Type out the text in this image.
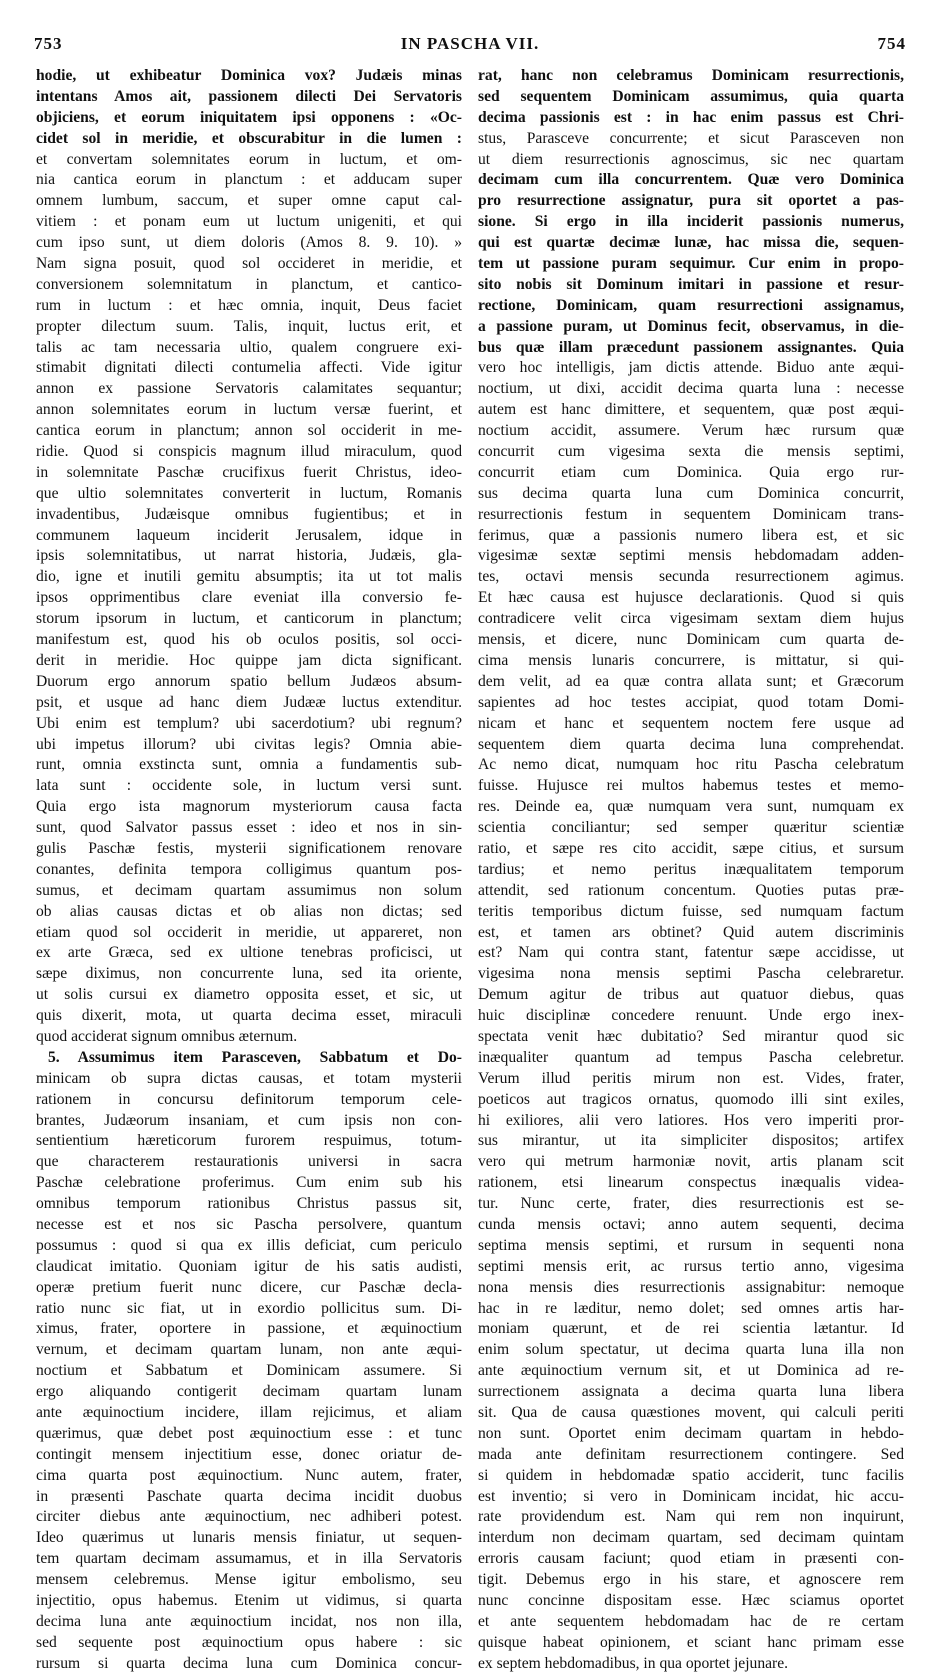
753	IN PASCHA VII.	754
hodie, ut exhibeatur Dominica vox? Judæis minas
intentans Amos ait, passionem dilecti Dei Servatoris
objiciens, et eorum iniquitatem ipsi opponens : «Oc-
cidet sol in meridie, et obscurabitur in die lumen :
et convertam solemnitates eorum in luctum, et om-
nia cantica eorum in planctum : et adducam super
omnem lumbum, saccum, et super omne caput cal-
vitiem : et ponam eum ut luctum unigeniti, et qui
cum ipso sunt, ut diem doloris (Amos 8. 9. 10). »
Nam signa posuit, quod sol occideret in meridie, et
conversionem solemnitatum in planctum, et cantico-
rum in luctum : et hæc omnia, inquit, Deus faciet
propter dilectum suum. Talis, inquit, luctus erit, et
talis ac tam necessaria ultio, qualem congruere exi-
stimabit dignitati dilecti contumelia affecti. Vide igitur
annon ex passione Servatoris calamitates sequantur;
annon solemnitates eorum in luctum versæ fuerint, et
cantica eorum in planctum; annon sol occiderit in me-
ridie. Quod si conspicis magnum illud miraculum, quod
in solemnitate Paschæ crucifixus fuerit Christus, ideo-
que ultio solemnitates converterit in luctum, Romanis
invadentibus, Judæisque omnibus fugientibus; et in
communem laqueum inciderit Jerusalem, idque in
ipsis solemnitatibus, ut narrat historia, Judæis, gla-
dio, igne et inutili gemitu absumptis; ita ut tot malis
ipsos opprimentibus clare eveniat illa conversio fe-
storum ipsorum in luctum, et canticorum in planctum;
manifestum est, quod his ob oculos positis, sol occi-
derit in meridie. Hoc quippe jam dicta significant.
Duorum ergo annorum spatio bellum Judæos absum-
psit, et usque ad hanc diem Judææ luctus extenditur.
Ubi enim est templum? ubi sacerdotium? ubi regnum?
ubi impetus illorum? ubi civitas legis? Omnia abie-
runt, omnia exstincta sunt, omnia a fundamentis sub-
lata sunt : occidente sole, in luctum versi sunt.
Quia ergo ista magnorum mysteriorum causa facta
sunt, quod Salvator passus esset : ideo et nos in sin-
gulis Paschæ festis, mysterii significationem renovare
conantes, definita tempora colligimus quantum pos-
sumus, et decimam quartam assumimus non solum
ob alias causas dictas et ob alias non dictas; sed
etiam quod sol occiderit in meridie, ut appareret, non
ex arte Græca, sed ex ultione tenebras proficisci, ut
sæpe diximus, non concurrente luna, sed ita oriente,
ut solis cursui ex diametro opposita esset, et sic, ut
quis dixerit, mota, ut quarta decima esset, miraculi
quod acciderat signum omnibus æternum.
5. Assumimus item Parasceven, Sabbatum et Do-
minicam ob supra dictas causas, et totam mysterii
rationem in concursu definitorum temporum cele-
brantes, Judæorum insaniam, et cum ipsis non con-
sentientium hæreticorum furorem respuimus, totum-
que characterem restaurationis universi in sacra
Paschæ celebratione proferimus. Cum enim sub his
omnibus temporum rationibus Christus passus sit,
necesse est et nos sic Pascha persolvere, quantum
possumus : quod si qua ex illis deficiat, cum periculo
claudicat imitatio. Quoniam igitur de his satis audisti,
operæ pretium fuerit nunc dicere, cur Paschæ decla-
ratio nunc sic fiat, ut in exordio pollicitus sum. Di-
ximus, frater, oportere in passione, et æquinoctium
vernum, et decimam quartam lunam, non ante æqui-
noctium et Sabbatum et Dominicam assumere. Si
ergo aliquando contigerit decimam quartam lunam
ante æquinoctium incidere, illam rejicimus, et aliam
quærimus, quæ debet post æquinoctium esse : et tunc
contingit mensem injectitium esse, donec oriatur de-
cima quarta post æquinoctium. Nunc autem, frater,
in præsenti Paschate quarta decima incidit duobus
circiter diebus ante æquinoctium, nec adhiberi potest.
Ideo quærimus ut lunaris mensis finiatur, ut sequen-
tem quartam decimam assumamus, et in illa Servatoris
mensem celebremus. Mense igitur embolismo, seu
injectitio, opus habemus. Etenim ut vidimus, si quarta
decima luna ante æquinoctium incidat, nos non illa,
sed sequente post æquinoctium opus habere : sic
rursum si quarta decima luna cum Dominica concur-
rat, hanc non celebramus Dominicam resurrectionis,
sed sequentem Dominicam assumimus, quia quarta
decima passionis est : in hac enim passus est Chri-
stus, Parasceve concurrente; et sicut Parasceven non
ut diem resurrectionis agnoscimus, sic nec quartam
decimam cum illa concurrentem. Quæ vero Dominica
pro resurrectione assignatur, pura sit oportet a pas-
sione. Si ergo in illa inciderit passionis numerus,
qui est quartæ decimæ lunæ, hac missa die, sequen-
tem ut passione puram sequimur. Cur enim in propo-
sito nobis sit Dominum imitari in passione et resur-
rectione, Dominicam, quam resurrectioni assignamus,
a passione puram, ut Dominus fecit, observamus, in die-
bus quæ illam præcedunt passionem assignantes. Quia
vero hoc intelligis, jam dictis attende. Biduo ante æqui-
noctium, ut dixi, accidit decima quarta luna : necesse
autem est hanc dimittere, et sequentem, quæ post æqui-
noctium accidit, assumere. Verum hæc rursum quæ
concurrit cum vigesima sexta die mensis septimi,
concurrit etiam cum Dominica. Quia ergo rur-
sus decima quarta luna cum Dominica concurrit,
resurrectionis festum in sequentem Dominicam trans-
ferimus, quæ a passionis numero libera est, et sic
vigesimæ sextæ septimi mensis hebdomadam adden-
tes, octavi mensis secunda resurrectionem agimus.
Et hæc causa est hujusce declarationis. Quod si quis
contradicere velit circa vigesimam sextam diem hujus
mensis, et dicere, nunc Dominicam cum quarta de-
cima mensis lunaris concurrere, is mittatur, si qui-
dem velit, ad ea quæ contra allata sunt; et Græcorum
sapientes ad hoc testes accipiat, quod totam Domi-
nicam et hanc et sequentem noctem fere usque ad
sequentem diem quarta decima luna comprehendat.
Ac nemo dicat, numquam hoc ritu Pascha celebratum
fuisse. Hujusce rei multos habemus testes et memo-
res. Deinde ea, quæ numquam vera sunt, numquam ex
scientia conciliantur; sed semper quæritur scientiæ
ratio, et sæpe res cito accidit, sæpe citius, et sursum
tardius; et nemo peritus inæqualitatem temporum
attendit, sed rationum concentum. Quoties putas præ-
teritis temporibus dictum fuisse, sed numquam factum
est, et tamen ars obtinet? Quid autem discriminis
est? Nam qui contra stant, fatentur sæpe accidisse, ut
vigesima nona mensis septimi Pascha celebraretur.
Demum agitur de tribus aut quatuor diebus, quas
huic disciplinæ concedere renuunt. Unde ergo inex-
spectata venit hæc dubitatio? Sed mirantur quod sic
inæqualiter quantum ad tempus Pascha celebretur.
Verum illud peritis mirum non est. Vides, frater,
poeticos aut tragicos ornatus, quomodo illi sint exiles,
hi exiliores, alii vero latiores. Hos vero imperiti pror-
sus mirantur, ut ita simpliciter dispositos; artifex
vero qui metrum harmoniæ novit, artis planam scit
rationem, etsi linearum conspectus inæqualis videa-
tur. Nunc certe, frater, dies resurrectionis est se-
cunda mensis octavi; anno autem sequenti, decima
septima mensis septimi, et rursum in sequenti nona
septimi mensis erit, ac rursus tertio anno, vigesima
nona mensis dies resurrectionis assignabitur: nemoque
hac in re læditur, nemo dolet; sed omnes artis har-
moniam quærunt, et de rei scientia lætantur. Id
enim solum spectatur, ut decima quarta luna illa non
ante æquinoctium vernum sit, et ut Dominica ad re-
surrectionem assignata a decima quarta luna libera
sit. Qua de causa quæstiones movent, qui calculi periti
non sunt. Oportet enim decimam quartam in hebdo-
mada ante definitam resurrectionem contingere. Sed
si quidem in hebdomadæ spatio acciderit, tunc facilis
est inventio; si vero in Dominicam incidat, hic accu-
rate providendum est. Nam qui rem non inquirunt,
interdum non decimam quartam, sed decimam quintam
erroris causam faciunt; quod etiam in præsenti con-
tigit. Debemus ergo in his stare, et agnoscere rem
nunc concinne dispositam esse. Hæc sciamus oportet
et ante sequentem hebdomadam hac de re certam
quisque habeat opinionem, et sciant hanc primam esse
ex septem hebdomadibus, in qua oportet jejunare.
